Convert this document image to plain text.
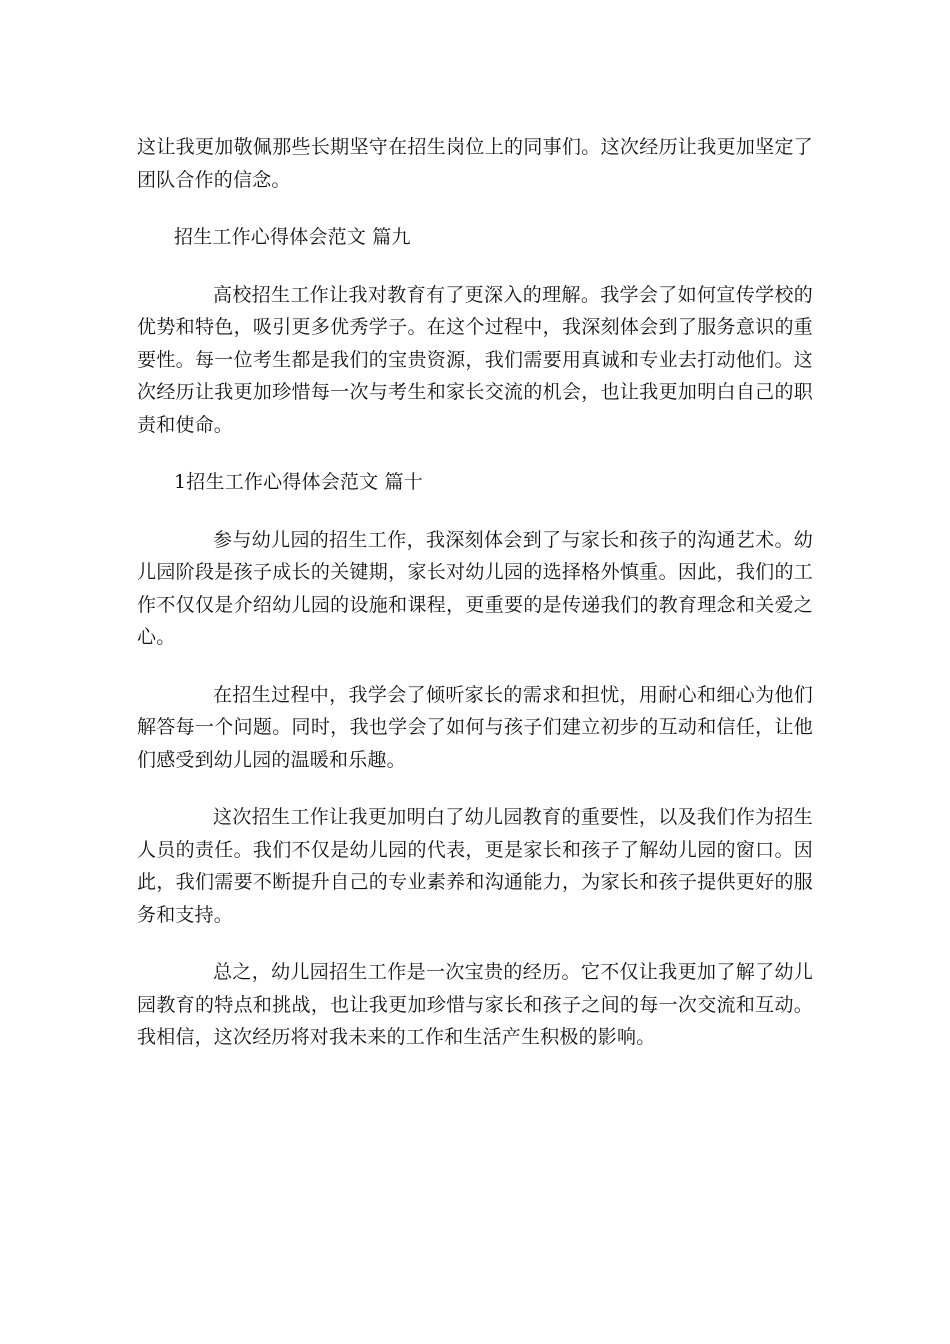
这让我更加敬佩那些长期坚守在招生岗位上的同事们。这次经历让我更加坚定了团队合作的信念。

招生工作心得体会范文 篇九

高校招生工作让我对教育有了更深入的理解。我学会了如何宣传学校的优势和特色，吸引更多优秀学子。在这个过程中，我深刻体会到了服务意识的重要性。每一位考生都是我们的宝贵资源，我们需要用真诚和专业去打动他们。这次经历让我更加珍惜每一次与考生和家长交流的机会，也让我更加明白自己的职责和使命。

1招生工作心得体会范文 篇十

参与幼儿园的招生工作，我深刻体会到了与家长和孩子的沟通艺术。幼儿园阶段是孩子成长的关键期，家长对幼儿园的选择格外慎重。因此，我们的工作不仅仅是介绍幼儿园的设施和课程，更重要的是传递我们的教育理念和关爱之心。

在招生过程中，我学会了倾听家长的需求和担忧，用耐心和细心为他们解答每一个问题。同时，我也学会了如何与孩子们建立初步的互动和信任，让他们感受到幼儿园的温暖和乐趣。

这次招生工作让我更加明白了幼儿园教育的重要性，以及我们作为招生人员的责任。我们不仅是幼儿园的代表，更是家长和孩子了解幼儿园的窗口。因此，我们需要不断提升自己的专业素养和沟通能力，为家长和孩子提供更好的服务和支持。

总之，幼儿园招生工作是一次宝贵的经历。它不仅让我更加了解了幼儿园教育的特点和挑战，也让我更加珍惜与家长和孩子之间的每一次交流和互动。我相信，这次经历将对我未来的工作和生活产生积极的影响。
